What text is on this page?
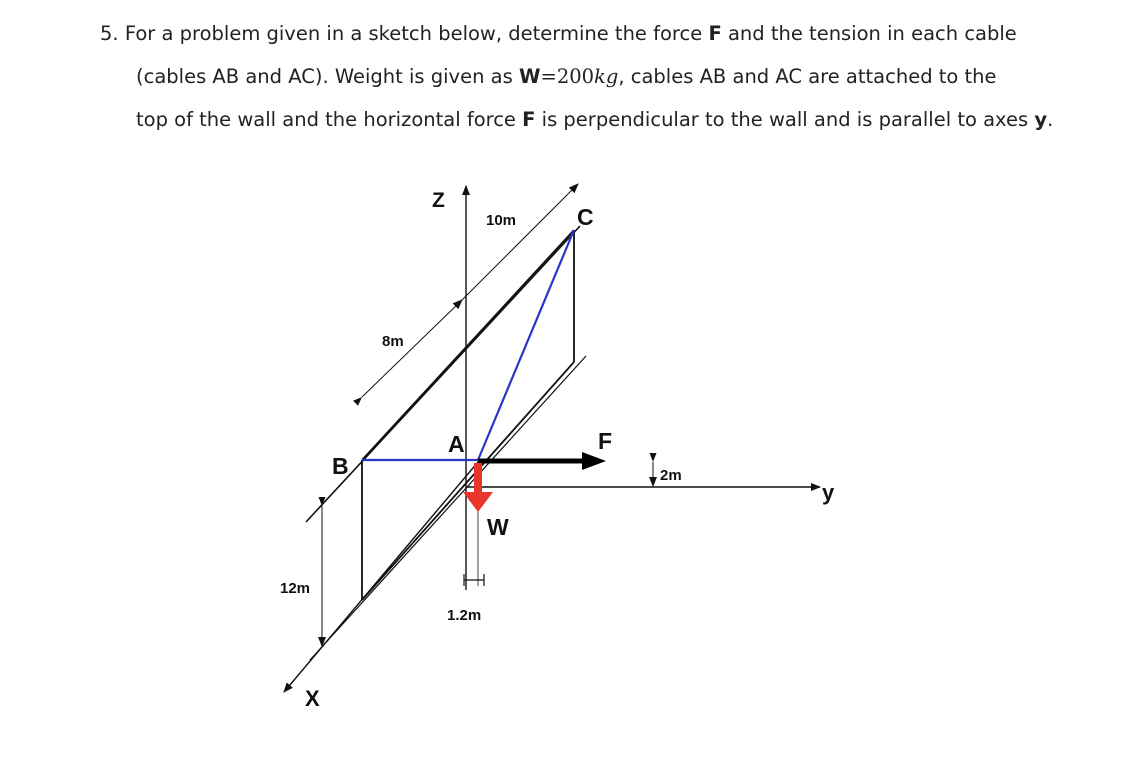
5. For a problem given in a sketch below, determine the force F and the tension in each cable
(cables AB and AC). Weight is given as W=200kg, cables AB and AC are attached to the
top of the wall and the horizontal force F is perpendicular to the wall and is parallel to axes y.
Z
y
X
A
B
C
F
W
10m
8m
12m
2m
1.2m
